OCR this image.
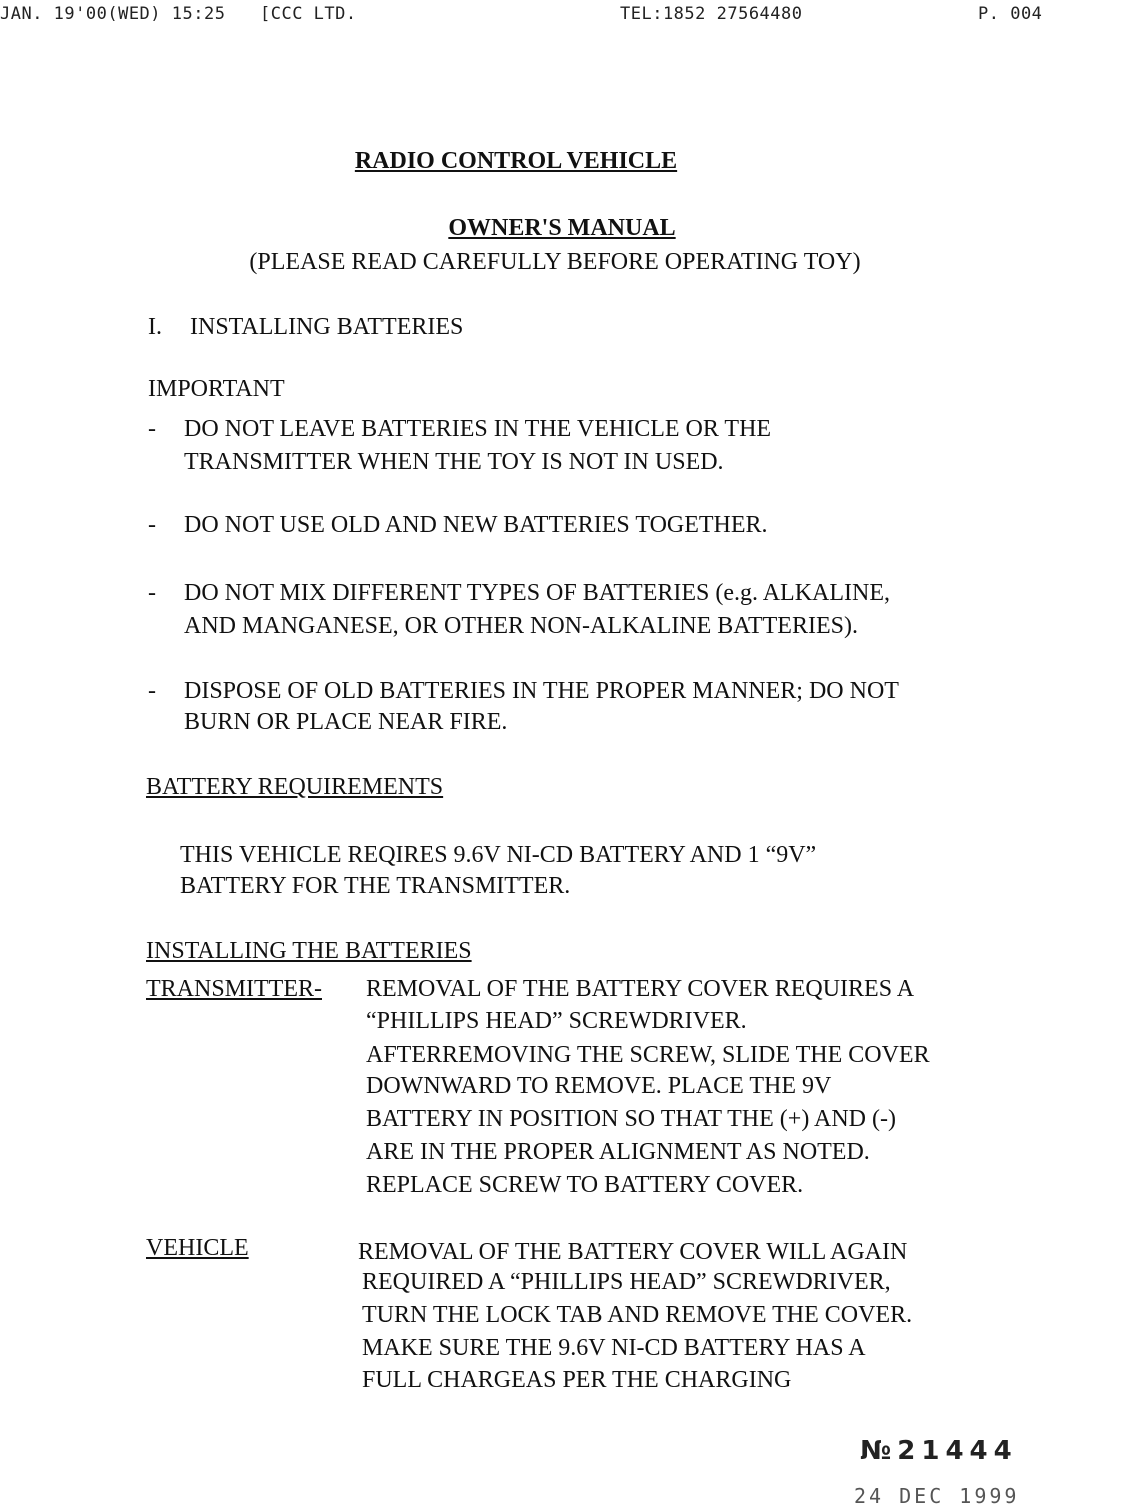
JAN. 19'00(WED) 15:25 [CCC LTD.	TEL:1852 27564480	P. 004
RADIO CONTROL VEHICLE
OWNER'S MANUAL
(PLEASE READ CAREFULLY BEFORE OPERATING TOY)
I. INSTALLING BATTERIES
IMPORTANT
- DO NOT LEAVE BATTERIES IN THE VEHICLE OR THE
TRANSMITTER WHEN THE TOY IS NOT IN USED.
- DO NOT USE OLD AND NEW BATTERIES TOGETHER.
- DO NOT MIX DIFFERENT TYPES OF BATTERIES (e.g. ALKALINE,
AND MANGANESE, OR OTHER NON-ALKALINE BATTERIES).
- DISPOSE OF OLD BATTERIES IN THE PROPER MANNER; DO NOT
BURN OR PLACE NEAR FIRE.
BATTERY REQUIREMENTS
THIS VEHICLE REQIRES 9.6V NI-CD BATTERY AND 1 “9V”
BATTERY FOR THE TRANSMITTER.
INSTALLING THE BATTERIES
TRANSMITTER- REMOVAL OF THE BATTERY COVER REQUIRES A
“PHILLIPS HEAD” SCREWDRIVER.
AFTERREMOVING THE SCREW, SLIDE THE COVER
DOWNWARD TO REMOVE. PLACE THE 9V
BATTERY IN POSITION SO THAT THE (+) AND (-)
ARE IN THE PROPER ALIGNMENT AS NOTED.
REPLACE SCREW TO BATTERY COVER.
VEHICLE	REMOVAL OF THE BATTERY COVER WILL AGAIN
REQUIRED A “PHILLIPS HEAD” SCREWDRIVER,
TURN THE LOCK TAB AND REMOVE THE COVER.
MAKE SURE THE 9.6V NI-CD BATTERY HAS A
FULL CHARGEAS PER THE CHARGING
№21444
24 DEC 1999
